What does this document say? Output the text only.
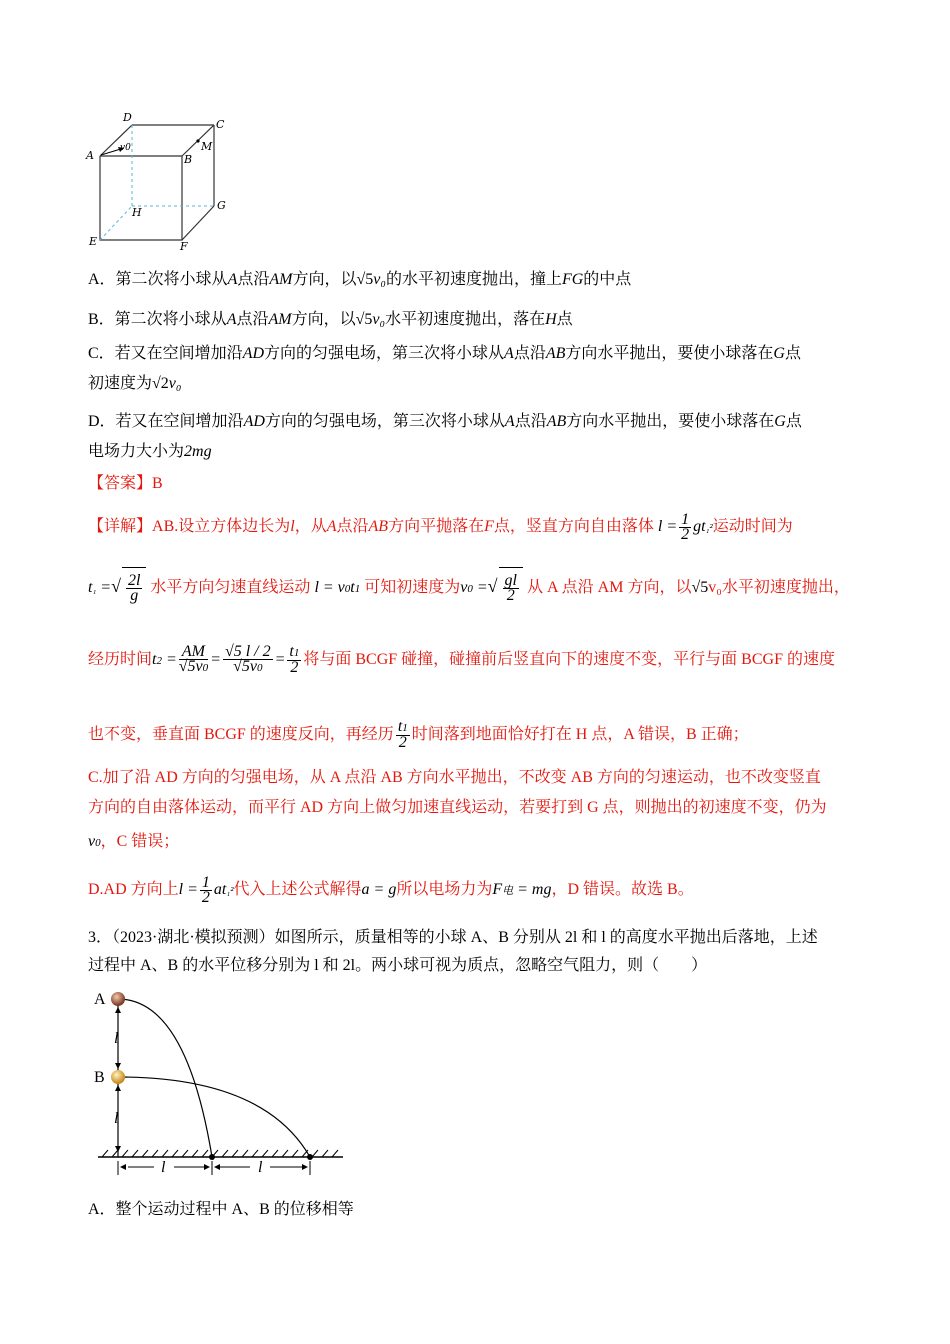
D
C
A
v0	M
B
H
G
E	F
A．第二次将小球从A点沿AM方向，以√5v₀的水平初速度抛出，撞上FG的中点
B．第二次将小球从A点沿AM方向，以√5v₀水平初速度抛出，落在H点
C．若又在空间增加沿AD方向的匀强电场，第三次将小球从A点沿AB方向水平抛出，要使小球落在G点
初速度为√2v₀
D．若又在空间增加沿AD方向的匀强电场，第三次将小球从A点沿AB方向水平抛出，要使小球落在G点
电场力大小为2mg
【答案】B
【详解】AB.设立方体边长为l，从A点沿AB方向平抛落在F点，竖直方向自由落体 $l = \frac{1}{2} gt_1^2$运动时间为
t₁ =√ $\frac{2l}{g}$ 水平方向匀速直线运动 l = v0t1 可知初速度为v0 =√ $\frac{gl}{2}$ 从 A 点沿 AM 方向，以√5v₀水平初速度抛出，
经历时间$t2 = \frac{AM}{√5v0} = \frac{√5 l / 2}{√5v0} = \frac{t1}{2}$ 将与面 BCGF 碰撞，碰撞前后竖直向下的速度不变，平行与面 BCGF 的速度
也不变，垂直面 BCGF 的速度反向，再经历 $\frac{t1}{2}$ 时间落到地面恰好打在 H 点，A 错误，B 正确；
C.加了沿 AD 方向的匀强电场，从 A 点沿 AB 方向水平抛出，不改变 AB 方向的匀速运动，也不改变竖直
方向的自由落体运动，而平行 AD 方向上做匀加速直线运动，若要打到 G 点，则抛出的初速度不变，仍为
v0，C 错误；
D.AD 方向上$l = \frac{1}{2} at_1^2$代入上述公式解得a = g所以电场力为F电 = mg，D 错误。故选 B。
3．（2023·湖北·模拟预测）如图所示，质量相等的小球 A、B 分别从 2l 和 l 的高度水平抛出后落地，上述
过程中 A、B 的水平位移分别为 l 和 2l。两小球可视为质点，忽略空气阻力，则（　　）
A
B
l
l
l	l
A．整个运动过程中 A、B 的位移相等
